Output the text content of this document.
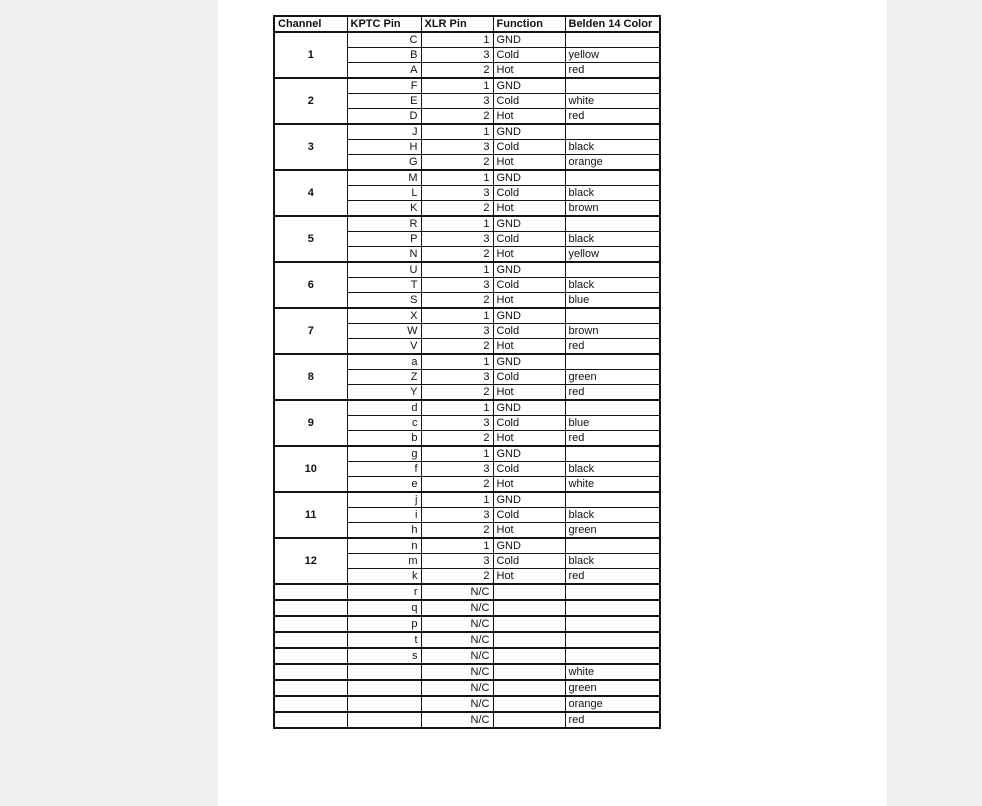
Channel	KPTC Pin	XLR Pin	Function	Belden 14 Color
1	C	1	GND	
	B	3	Cold	yellow
	A	2	Hot	red
2	F	1	GND	
	E	3	Cold	white
	D	2	Hot	red
3	J	1	GND	
	H	3	Cold	black
	G	2	Hot	orange
4	M	1	GND	
	L	3	Cold	black
	K	2	Hot	brown
5	R	1	GND	
	P	3	Cold	black
	N	2	Hot	yellow
6	U	1	GND	
	T	3	Cold	black
	S	2	Hot	blue
7	X	1	GND	
	W	3	Cold	brown
	V	2	Hot	red
8	a	1	GND	
	Z	3	Cold	green
	Y	2	Hot	red
9	d	1	GND	
	c	3	Cold	blue
	b	2	Hot	red
10	g	1	GND	
	f	3	Cold	black
	e	2	Hot	white
11	j	1	GND	
	i	3	Cold	black
	h	2	Hot	green
12	n	1	GND	
	m	3	Cold	black
	k	2	Hot	red
	r	N/C		
	q	N/C		
	p	N/C		
	t	N/C		
	s	N/C		
		N/C		white
		N/C		green
		N/C		orange
		N/C		red
